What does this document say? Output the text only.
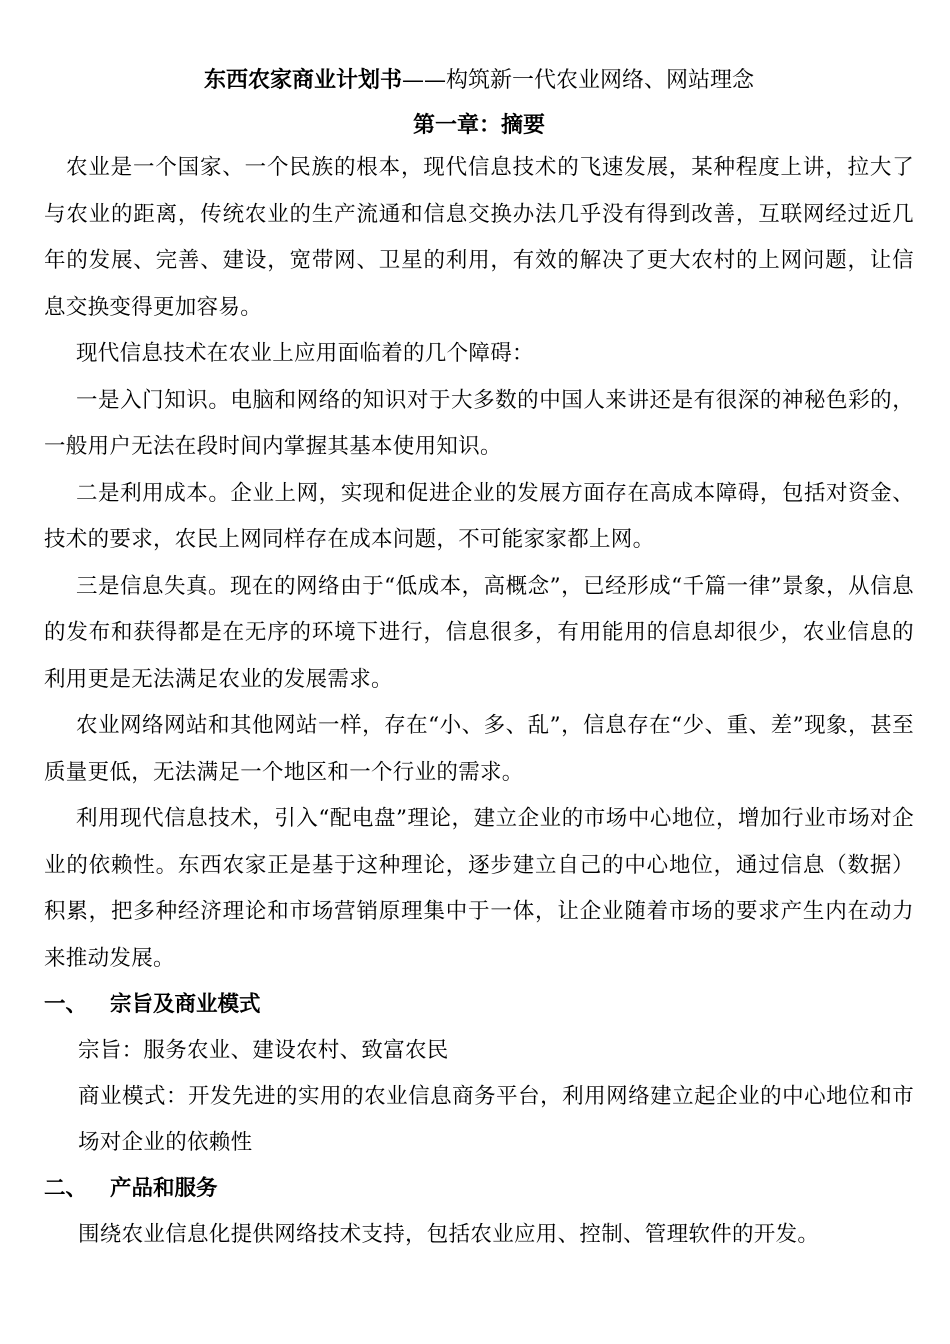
东西农家商业计划书——构筑新一代农业网络、网站理念
第一章：摘要

农业是一个国家、一个民族的根本，现代信息技术的飞速发展，某种程度上讲，拉大了与农业的距离，传统农业的生产流通和信息交换办法几乎没有得到改善，互联网经过近几年的发展、完善、建设，宽带网、卫星的利用，有效的解决了更大农村的上网问题，让信息交换变得更加容易。

现代信息技术在农业上应用面临着的几个障碍：

一是入门知识。电脑和网络的知识对于大多数的中国人来讲还是有很深的神秘色彩的，一般用户无法在段时间内掌握其基本使用知识。

二是利用成本。企业上网，实现和促进企业的发展方面存在高成本障碍，包括对资金、技术的要求，农民上网同样存在成本问题，不可能家家都上网。

三是信息失真。现在的网络由于“低成本，高概念”，已经形成“千篇一律”景象，从信息的发布和获得都是在无序的环境下进行，信息很多，有用能用的信息却很少，农业信息的利用更是无法满足农业的发展需求。

农业网络网站和其他网站一样，存在“小、多、乱”，信息存在“少、重、差”现象，甚至质量更低，无法满足一个地区和一个行业的需求。

利用现代信息技术，引入“配电盘”理论，建立企业的市场中心地位，增加行业市场对企业的依赖性。东西农家正是基于这种理论，逐步建立自己的中心地位，通过信息（数据）积累，把多种经济理论和市场营销原理集中于一体，让企业随着市场的要求产生内在动力来推动发展。

一、	宗旨及商业模式

宗旨：服务农业、建设农村、致富农民

商业模式：开发先进的实用的农业信息商务平台，利用网络建立起企业的中心地位和市场对企业的依赖性

二、	产品和服务

围绕农业信息化提供网络技术支持，包括农业应用、控制、管理软件的开发。
